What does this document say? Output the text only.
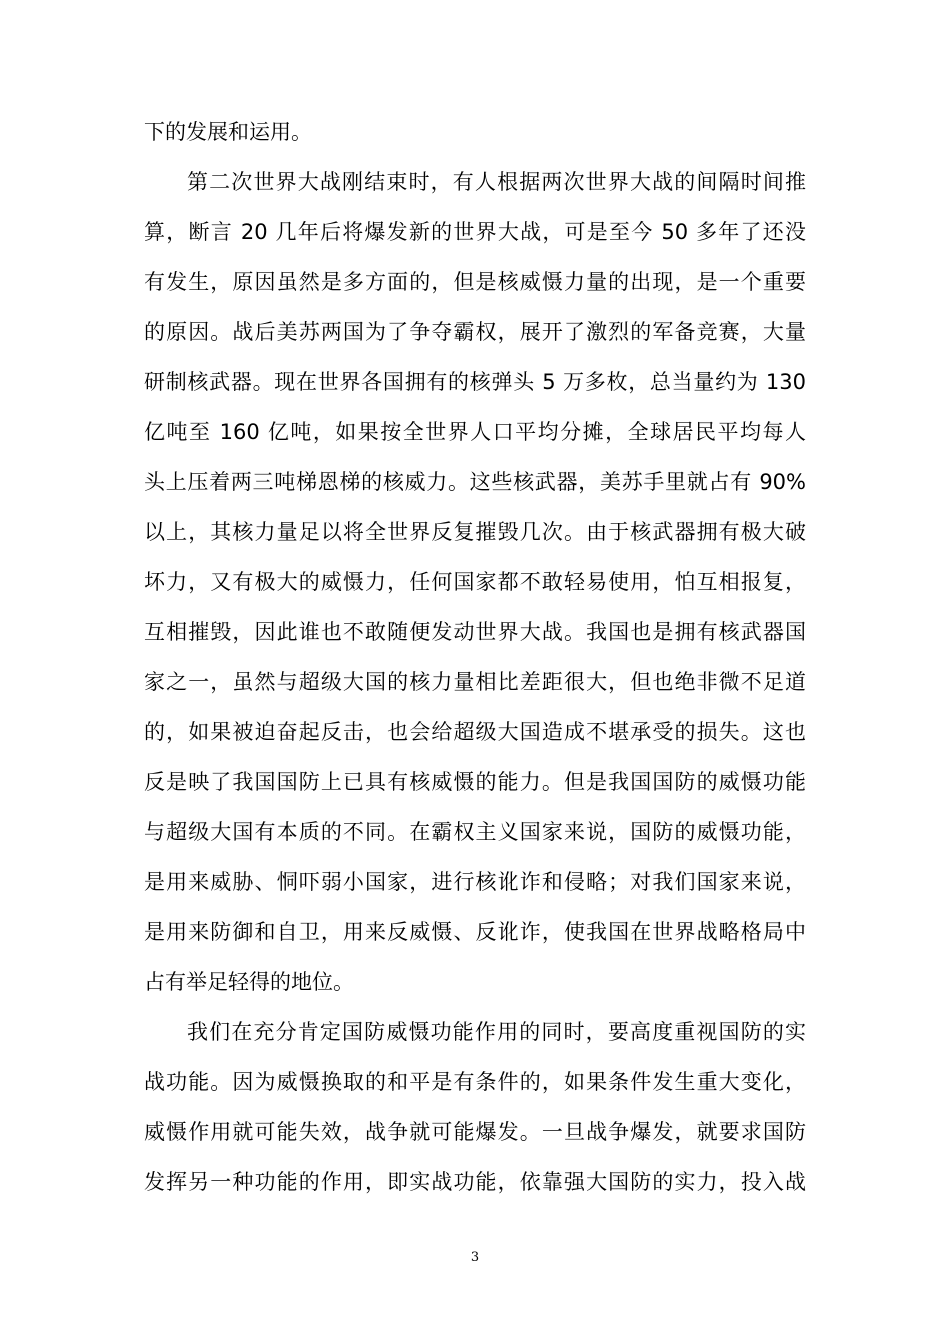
下的发展和运用。
第二次世界大战刚结束时，有人根据两次世界大战的间隔时间推
算，断言 20 几年后将爆发新的世界大战，可是至今 50 多年了还没
有发生，原因虽然是多方面的，但是核威慑力量的出现，是一个重要
的原因。战后美苏两国为了争夺霸权，展开了激烈的军备竞赛，大量
研制核武器。现在世界各国拥有的核弹头 5 万多枚，总当量约为 130
亿吨至 160 亿吨，如果按全世界人口平均分摊，全球居民平均每人
头上压着两三吨梯恩梯的核威力。这些核武器，美苏手里就占有 90%
以上，其核力量足以将全世界反复摧毁几次。由于核武器拥有极大破
坏力，又有极大的威慑力，任何国家都不敢轻易使用，怕互相报复，
互相摧毁，因此谁也不敢随便发动世界大战。我国也是拥有核武器国
家之一，虽然与超级大国的核力量相比差距很大，但也绝非微不足道
的，如果被迫奋起反击，也会给超级大国造成不堪承受的损失。这也
反是映了我国国防上已具有核威慑的能力。但是我国国防的威慑功能
与超级大国有本质的不同。在霸权主义国家来说，国防的威慑功能，
是用来威胁、恫吓弱小国家，进行核讹诈和侵略；对我们国家来说，
是用来防御和自卫，用来反威慑、反讹诈，使我国在世界战略格局中
占有举足轻得的地位。
我们在充分肯定国防威慑功能作用的同时，要高度重视国防的实
战功能。因为威慑换取的和平是有条件的，如果条件发生重大变化，
威慑作用就可能失效，战争就可能爆发。一旦战争爆发，就要求国防
发挥另一种功能的作用，即实战功能，依靠强大国防的实力，投入战
3
